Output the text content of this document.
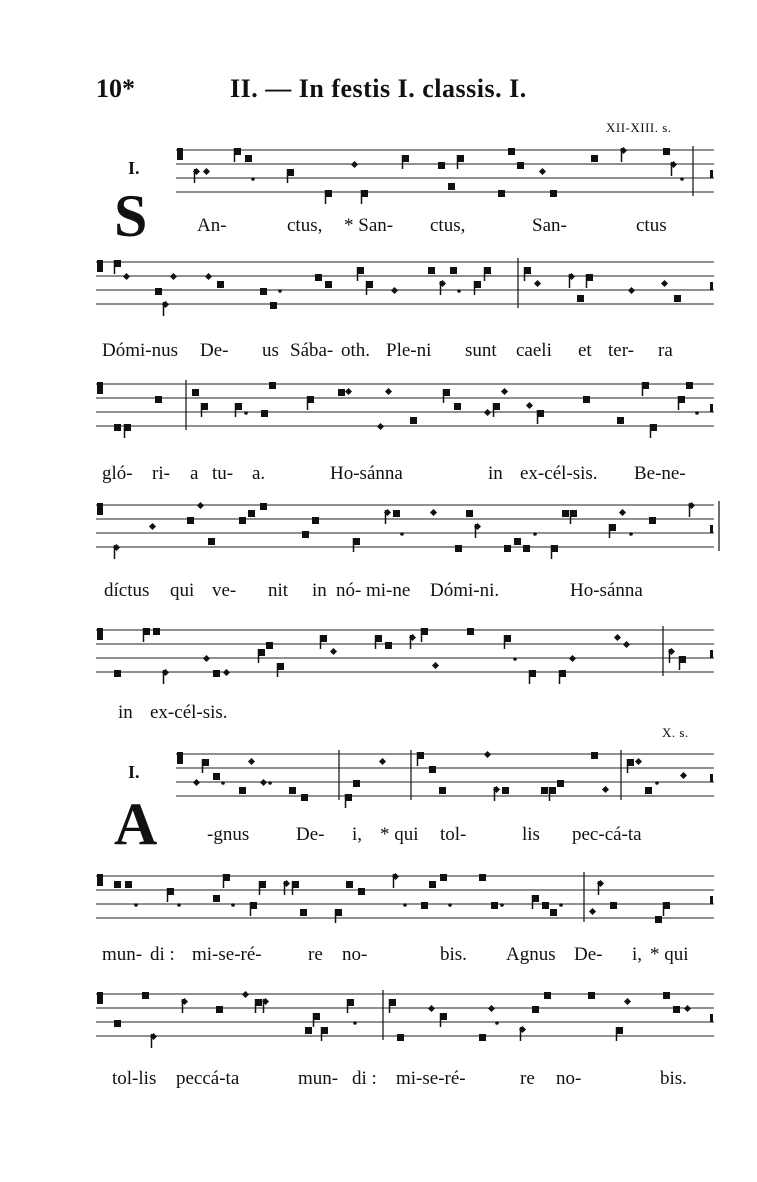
10*	II. — In festis I. classis. I.
I.
XII-XIII. s.
S	An-	ctus, * San- ctus,	San-	ctus
Dómi-nus De- us Sába- oth. Ple-ni sunt caeli et ter- ra
gló- ri- a tu- a.	Ho-sánna	in ex-cél-sis. Be-ne-
díctus qui ve- nit in nó- mi-ne Dómi-ni.	Ho-sánna
in ex-cél-sis.
I.
X. s.
A	-gnus De- i, * qui tol-	lis pec-cá-ta
mun- di : mi-se-ré- re no-	bis. Agnus De- i, * qui
tol-lis peccá-ta	mun- di : mi-se-ré-	re no-	bis.
